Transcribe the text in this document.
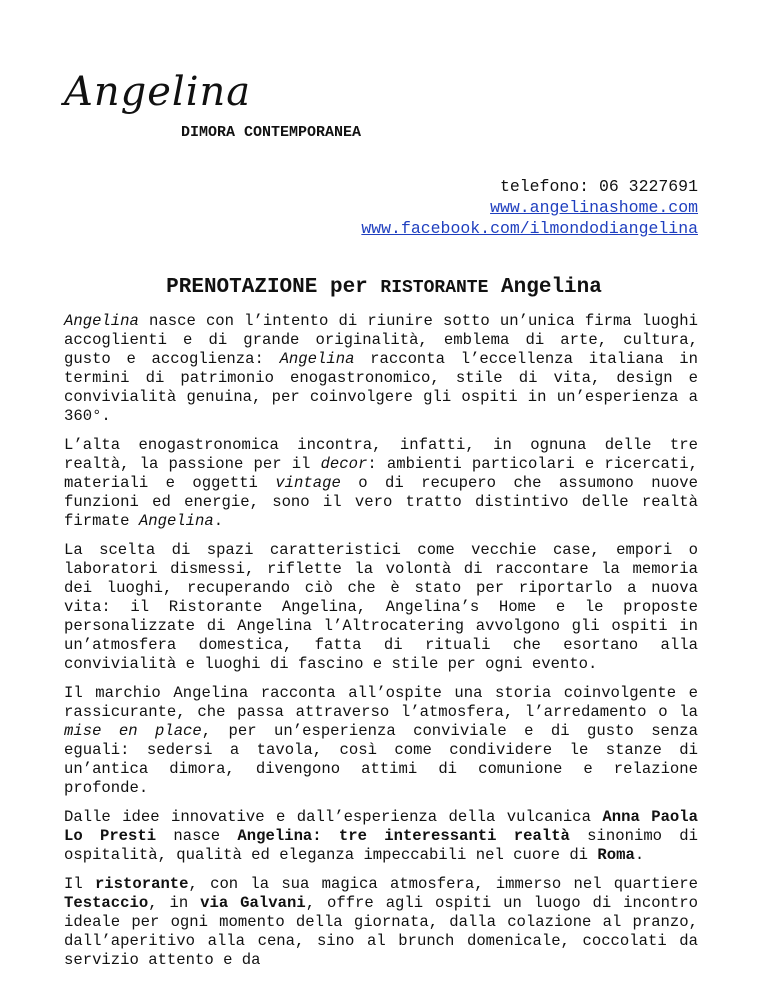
Angelina
DIMORA CONTEMPORANEA
telefono: 06 3227691
www.angelinashome.com
www.facebook.com/ilmondodiangelina
PRENOTAZIONE per RISTORANTE Angelina

Angelina nasce con l’intento di riunire sotto un’unica firma luoghi accoglienti e di grande originalità, emblema di arte, cultura, gusto e accoglienza: Angelina racconta l’eccellenza italiana in termini di patrimonio enogastronomico, stile di vita, design e convivialità genuina, per coinvolgere gli ospiti in un’esperienza a 360°.

L’alta enogastronomica incontra, infatti, in ognuna delle tre realtà, la passione per il decor: ambienti particolari e ricercati, materiali e oggetti vintage o di recupero che assumono nuove funzioni ed energie, sono il vero tratto distintivo delle realtà firmate Angelina.

La scelta di spazi caratteristici come vecchie case, empori o laboratori dismessi, riflette la volontà di raccontare la memoria dei luoghi, recuperando ciò che è stato per riportarlo a nuova vita: il Ristorante Angelina, Angelina’s Home e le proposte personalizzate di Angelina l’Altrocatering avvolgono gli ospiti in un’atmosfera domestica, fatta di rituali che esortano alla convivialità e luoghi di fascino e stile per ogni evento.

Il marchio Angelina racconta all’ospite una storia coinvolgente e rassicurante, che passa attraverso l’atmosfera, l’arredamento o la mise en place, per un’esperienza conviviale e di gusto senza eguali: sedersi a tavola, così come condividere le stanze di un’antica dimora, divengono attimi di comunione e relazione profonde.

Dalle idee innovative e dall’esperienza della vulcanica Anna Paola Lo Presti nasce Angelina: tre interessanti realtà sinonimo di ospitalità, qualità ed eleganza impeccabili nel cuore di Roma.

Il ristorante, con la sua magica atmosfera, immerso nel quartiere Testaccio, in via Galvani, offre agli ospiti un luogo di incontro ideale per ogni momento della giornata, dalla colazione al pranzo, dall’aperitivo alla cena, sino al brunch domenicale, coccolati da servizio attento e da
